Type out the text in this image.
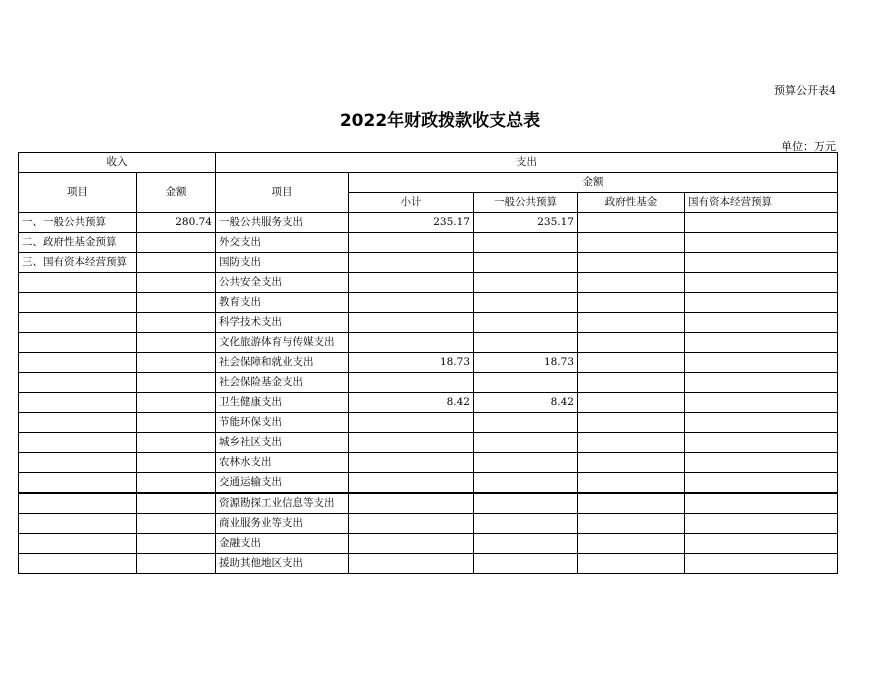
预算公开表4
2022年财政拨款收支总表
单位：万元
收入		支出				
项目	金额	项目	金额			
			小计	一般公共预算	政府性基金	国有资本经营预算
一、一般公共预算	280.74	一般公共服务支出	235.17	235.17		
二、政府性基金预算		外交支出				
三、国有资本经营预算		国防支出				
		公共安全支出				
		教育支出				
		科学技术支出				
		文化旅游体育与传媒支出				
		社会保障和就业支出	18.73	18.73		
		社会保险基金支出				
		卫生健康支出	8.42	8.42		
		节能环保支出				
		城乡社区支出				
		农林水支出				
		交通运输支出				
		资源勘探工业信息等支出				
		商业服务业等支出				
		金融支出				
		援助其他地区支出				
